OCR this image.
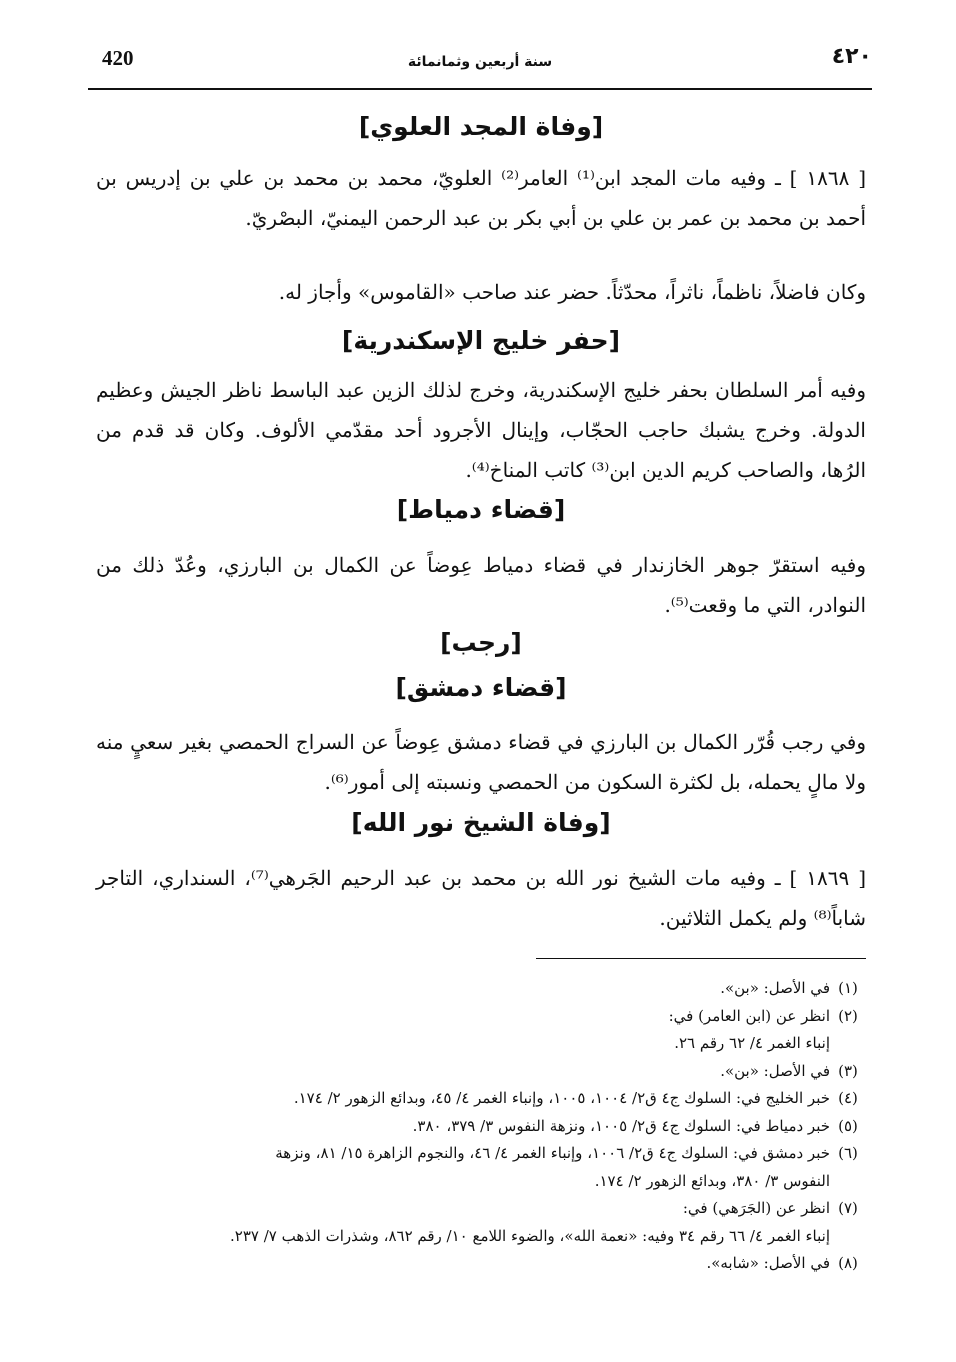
420	سنة أربعين وثمانمائة	٤٢٠
[وفاة المجد العلوي]
[ ١٨٦٨ ] ـ وفيه مات المجد ابن⁽¹⁾ العامر⁽²⁾ العلويّ، محمد بن محمد بن علي بن إدريس بن أحمد بن محمد بن عمر بن علي بن أبي بكر بن عبد الرحمن اليمنيّ، البصْريّ.
وكان فاضلاً، ناظماً، ناثراً، محدّثاً. حضر عند صاحب «القاموس» وأجاز له.
[حفر خليج الإسكندرية]
وفيه أمر السلطان بحفر خليج الإسكندرية، وخرج لذلك الزين عبد الباسط ناظر الجيش وعظيم الدولة. وخرج يشبك حاجب الحجّاب، وإينال الأجرود أحد مقدّمي الألوف. وكان قد قدم من الرُها، والصاحب كريم الدين ابن⁽³⁾ كاتب المناخ⁽⁴⁾.
[قضاء دمياط]
وفيه استقرّ جوهر الخازندار في قضاء دمياط عِوضاً عن الكمال بن البارزي، وعُدّ ذلك من النوادر، التي ما وقعت⁽⁵⁾.
[رجب]
[قضاء دمشق]
وفي رجب قُرّر الكمال بن البارزي في قضاء دمشق عِوضاً عن السراج الحمصي بغير سعيٍ منه ولا مالٍ يحمله، بل لكثرة السكون من الحمصي ونسبته إلى أمور⁽⁶⁾.
[وفاة الشيخ نور الله]
[ ١٨٦٩ ] ـ وفيه مات الشيخ نور الله بن محمد بن عبد الرحيم الجَرهي⁽⁷⁾، السنداري، التاجر شاباً⁽⁸⁾ ولم يكمل الثلاثين.
(١)
في الأصل: «بن».
(٢)
انظر عن (ابن العامر) في:
إنباء الغمر ٤/ ٦٢ رقم ٢٦.
(٣)
في الأصل: «بن».
(٤)
خبر الخليج في: السلوك ج٤ ق٢/ ١٠٠٤، ١٠٠٥، وإنباء الغمر ٤/ ٤٥، وبدائع الزهور ٢/ ١٧٤.
(٥)
خبر دمياط في: السلوك ج٤ ق٢/ ١٠٠٥، ونزهة النفوس ٣/ ٣٧٩، ٣٨٠.
(٦)
خبر دمشق في: السلوك ج٤ ق٢/ ١٠٠٦، وإنباء الغمر ٤/ ٤٦، والنجوم الزاهرة ١٥/ ٨١، ونزهة
النفوس ٣/ ٣٨٠، وبدائع الزهور ٢/ ١٧٤.
(٧)
انظر عن (الجَرَهي) في:
إنباء الغمر ٤/ ٦٦ رقم ٣٤ وفيه: «نعمة الله»، والضوء اللامع ١٠/ رقم ٨٦٢، وشذرات الذهب ٧/ ٢٣٧.
(٨)
في الأصل: «شابه».
